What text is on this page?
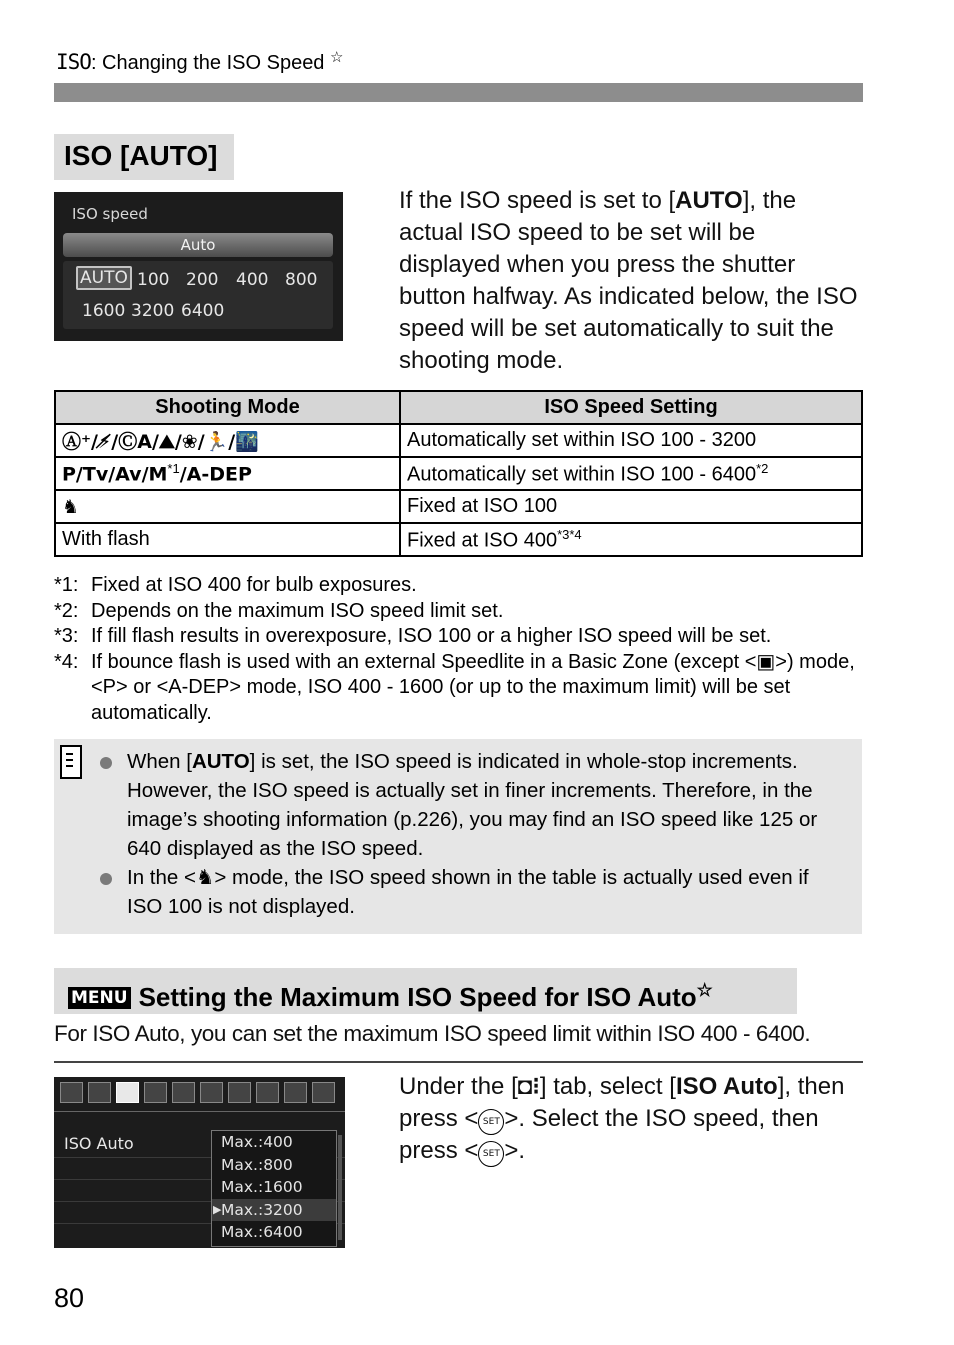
ISO: Changing the ISO Speed ☆
ISO [AUTO]
ISO speed
Auto
AUTO 100 200 400 800
1600 3200 6400
If the ISO speed is set to [AUTO], the actual ISO speed to be set will be displayed when you press the shutter button halfway. As indicated below, the ISO speed will be set automatically to suit the shooting mode.
Shooting Mode	ISO Speed Setting
Ⓐ⁺/⚡̸/ⒸA/⛰/❀/🏃/🌃	Automatically set within ISO 100 - 3200
$P/Tv/Av/M^{*1}/A$-DEP	Automatically set within ISO 100 - 6400$^{*2}$
♞	Fixed at ISO 100
With flash	Fixed at ISO $400^{*3*4}$
*1: Fixed at ISO 400 for bulb exposures.
*2: Depends on the maximum ISO speed limit set.
*3: If fill flash results in overexposure, ISO 100 or a higher ISO speed will be set.
*4: If bounce flash is used with an external Speedlite in a Basic Zone (except <▣>) mode, <P> or <A-DEP> mode, ISO 400 - 1600 (or up to the maximum limit) will be set automatically.
When [AUTO] is set, the ISO speed is indicated in whole-stop increments. However, the ISO speed is actually set in finer increments. Therefore, in the image’s shooting information (p.226), you may find an ISO speed like 125 or 640 displayed as the ISO speed.
In the <♞> mode, the ISO speed shown in the table is actually used even if ISO 100 is not displayed.
MENU Setting the Maximum ISO Speed for ISO Auto☆
For ISO Auto, you can set the maximum ISO speed limit within ISO 400 - 6400.
ISO Auto	Max.:400
Max.:800
Max.:1600
▶ Max.:3200
Max.:6400
Under the [◘⁝] tab, select [ISO Auto], then press < SET >. Select the ISO speed, then press < SET >.
80
